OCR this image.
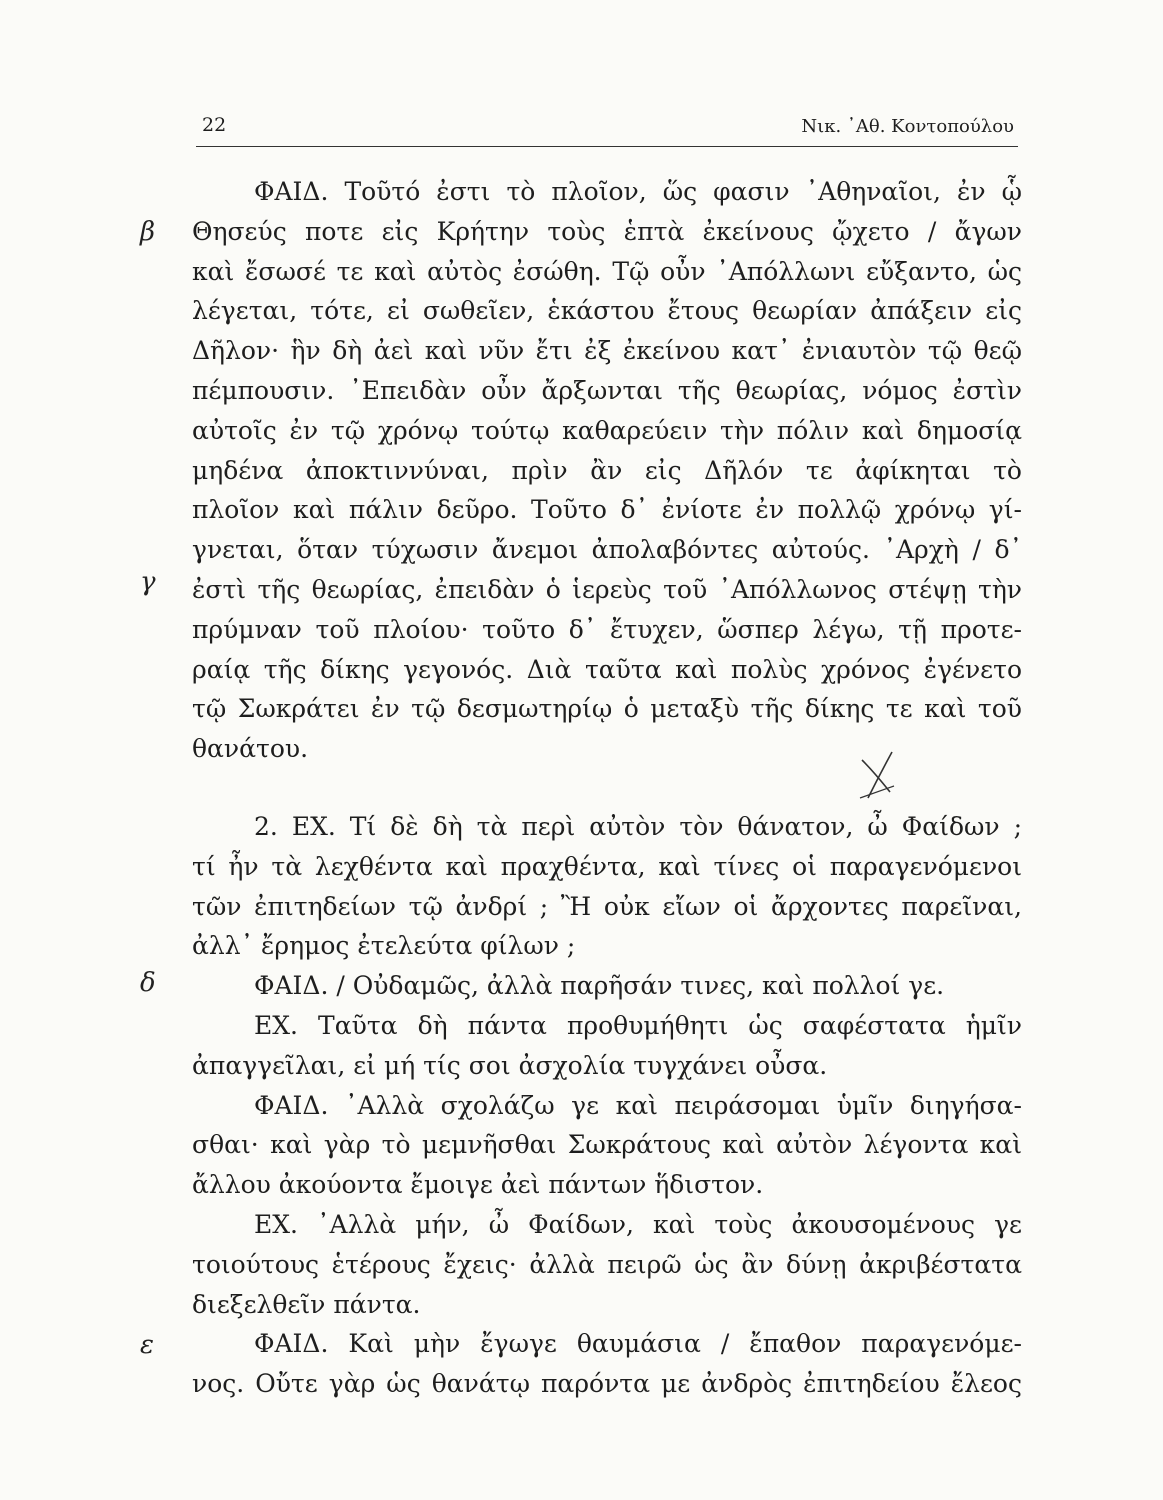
22	Νικ. ᾿Αθ. Κοντοπούλου
β
γ
δ
ε
ΦΑΙΔ. Τοῦτό ἐστι τὸ πλοῖον, ὥς φασιν ᾿Αθηναῖοι, ἐν ᾧ
Θησεύς ποτε εἰς Κρήτην τοὺς ἑπτὰ ἐκείνους ᾤχετο / ἄγων
καὶ ἔσωσέ τε καὶ αὐτὸς ἐσώθη. Τῷ οὖν ᾿Απόλλωνι εὔξαντο, ὡς
λέγεται, τότε, εἰ σωθεῖεν, ἑκάστου ἔτους θεωρίαν ἀπάξειν εἰς
Δῆλον· ἣν δὴ ἀεὶ καὶ νῦν ἔτι ἐξ ἐκείνου κατ᾿ ἐνιαυτὸν τῷ θεῷ
πέμπουσιν. ᾿Επειδὰν οὖν ἄρξωνται τῆς θεωρίας, νόμος ἐστὶν
αὐτοῖς ἐν τῷ χρόνῳ τούτῳ καθαρεύειν τὴν πόλιν καὶ δημοσίᾳ
μηδένα ἀποκτιννύναι, πρὶν ἂν εἰς Δῆλόν τε ἀφίκηται τὸ
πλοῖον καὶ πάλιν δεῦρο. Τοῦτο δ᾿ ἐνίοτε ἐν πολλῷ χρόνῳ γί-
γνεται, ὅταν τύχωσιν ἄνεμοι ἀπολαβόντες αὐτούς. ᾿Αρχὴ / δ᾿
ἐστὶ τῆς θεωρίας, ἐπειδὰν ὁ ἱερεὺς τοῦ ᾿Απόλλωνος στέψῃ τὴν
πρύμναν τοῦ πλοίου· τοῦτο δ᾿ ἔτυχεν, ὥσπερ λέγω, τῇ προτε-
ραίᾳ τῆς δίκης γεγονός. Διὰ ταῦτα καὶ πολὺς χρόνος ἐγένετο
τῷ Σωκράτει ἐν τῷ δεσμωτηρίῳ ὁ μεταξὺ τῆς δίκης τε καὶ τοῦ
θανάτου.
2. ΕΧ. Τί δὲ δὴ τὰ περὶ αὐτὸν τὸν θάνατον, ὦ Φαίδων ;
τί ἦν τὰ λεχθέντα καὶ πραχθέντα, καὶ τίνες οἱ παραγενόμενοι
τῶν ἐπιτηδείων τῷ ἀνδρί ; Ἢ οὐκ εἴων οἱ ἄρχοντες παρεῖναι,
ἀλλ᾿ ἔρημος ἐτελεύτα φίλων ;
ΦΑΙΔ. / Οὐδαμῶς, ἀλλὰ παρῆσάν τινες, καὶ πολλοί γε.
ΕΧ. Ταῦτα δὴ πάντα προθυμήθητι ὡς σαφέστατα ἡμῖν
ἀπαγγεῖλαι, εἰ μή τίς σοι ἀσχολία τυγχάνει οὖσα.
ΦΑΙΔ. ᾿Αλλὰ σχολάζω γε καὶ πειράσομαι ὑμῖν διηγήσα-
σθαι· καὶ γὰρ τὸ μεμνῆσθαι Σωκράτους καὶ αὐτὸν λέγοντα καὶ
ἄλλου ἀκούοντα ἔμοιγε ἀεὶ πάντων ἥδιστον.
ΕΧ. ᾿Αλλὰ μήν, ὦ Φαίδων, καὶ τοὺς ἀκουσομένους γε
τοιούτους ἑτέρους ἔχεις· ἀλλὰ πειρῶ ὡς ἂν δύνῃ ἀκριβέστατα
διεξελθεῖν πάντα.
ΦΑΙΔ. Καὶ μὴν ἔγωγε θαυμάσια / ἔπαθον παραγενόμε-
νος. Οὔτε γὰρ ὡς θανάτῳ παρόντα με ἀνδρὸς ἐπιτηδείου ἔλεος
